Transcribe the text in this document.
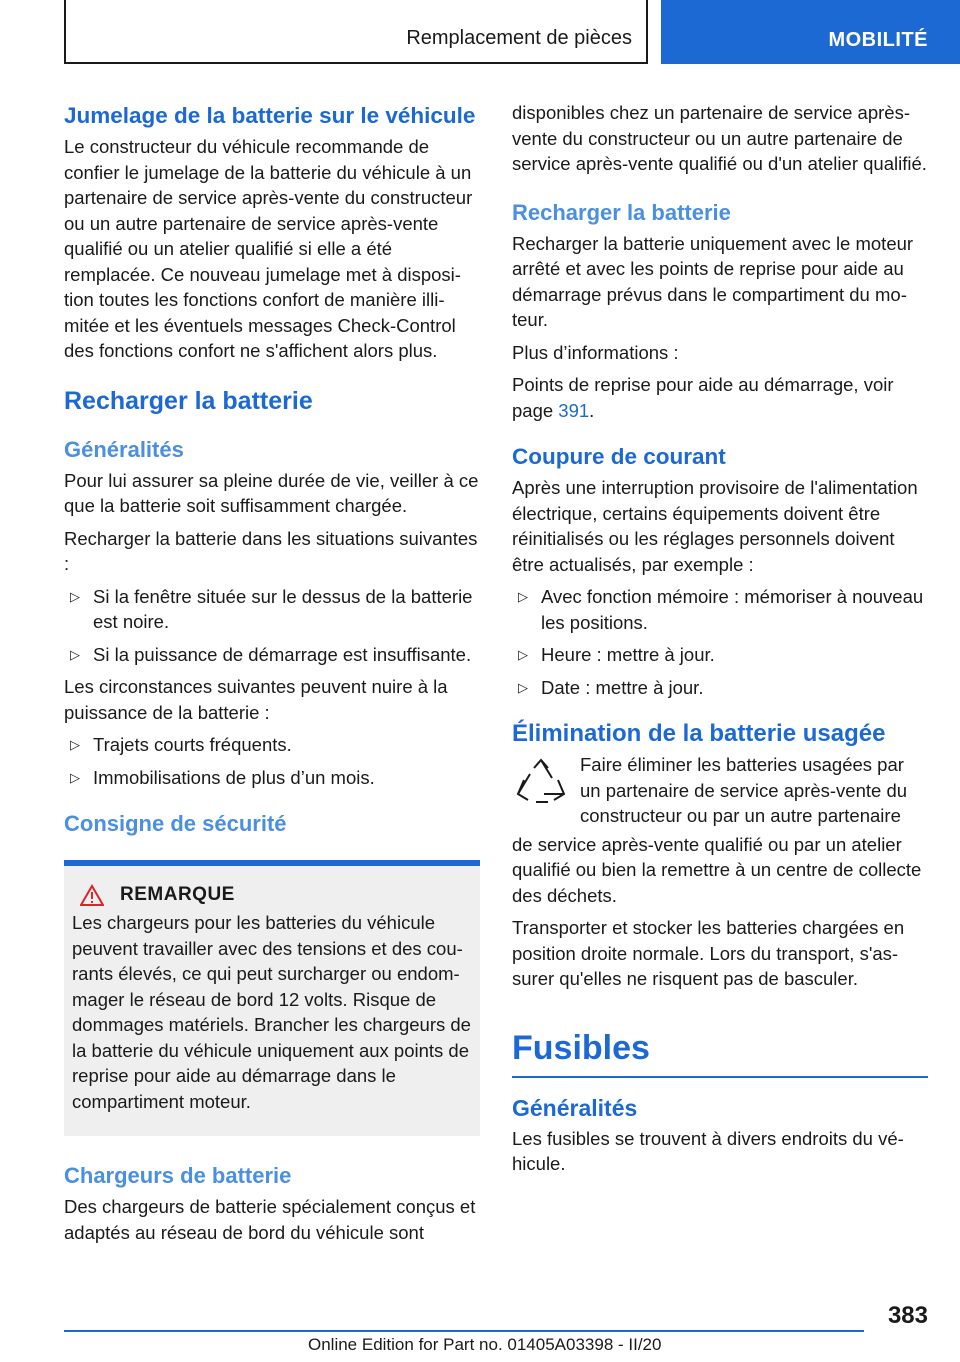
Remplacement de pièces	MOBILITÉ
Jumelage de la batterie sur le véhicule

Le constructeur du véhicule recommande de confier le jumelage de la batterie du véhicule à un partenaire de service après-vente du constructeur ou un autre partenaire de service après-vente qualifié ou un atelier qualifié si elle a été remplacée. Ce nouveau jumelage met à disposition toutes les fonctions confort de manière illimitée et les éventuels messages Check-Control des fonctions confort ne s'affichent alors plus.

Recharger la batterie
Généralités

Pour lui assurer sa pleine durée de vie, veiller à ce que la batterie soit suffisamment chargée.

Recharger la batterie dans les situations suivantes :

▷ Si la fenêtre située sur le dessus de la batterie est noire.
▷ Si la puissance de démarrage est insuffisante.

Les circonstances suivantes peuvent nuire à la puissance de la batterie :

▷ Trajets courts fréquents.
▷ Immobilisations de plus d’un mois.
Consigne de sécurité
REMARQUE

Les chargeurs pour les batteries du véhicule peuvent travailler avec des tensions et des courants élevés, ce qui peut surcharger ou endommager le réseau de bord 12 volts. Risque de dommages matériels. Brancher les chargeurs de la batterie du véhicule uniquement aux points de reprise pour aide au démarrage dans le compartiment moteur.

Chargeurs de batterie

Des chargeurs de batterie spécialement conçus et adaptés au réseau de bord du véhicule sont

disponibles chez un partenaire de service après-vente du constructeur ou un autre partenaire de service après-vente qualifié ou d'un atelier qualifié.

Recharger la batterie

Recharger la batterie uniquement avec le moteur arrêté et avec les points de reprise pour aide au démarrage prévus dans le compartiment du moteur.

Plus d’informations :

Points de reprise pour aide au démarrage, voir page 391.

Coupure de courant

Après une interruption provisoire de l'alimentation électrique, certains équipements doivent être réinitialisés ou les réglages personnels doivent être actualisés, par exemple :

▷ Avec fonction mémoire : mémoriser à nouveau les positions.
▷ Heure : mettre à jour.
▷ Date : mettre à jour.
Élimination de la batterie usagée

Faire éliminer les batteries usagées par un partenaire de service après-vente du constructeur ou par un autre partenaire

de service après-vente qualifié ou par un atelier qualifié ou bien la remettre à un centre de collecte des déchets.

Transporter et stocker les batteries chargées en position droite normale. Lors du transport, s'assurer qu'elles ne risquent pas de basculer.

Fusibles
Généralités

Les fusibles se trouvent à divers endroits du véhicule.

383
Online Edition for Part no. 01405A03398 - II/20
